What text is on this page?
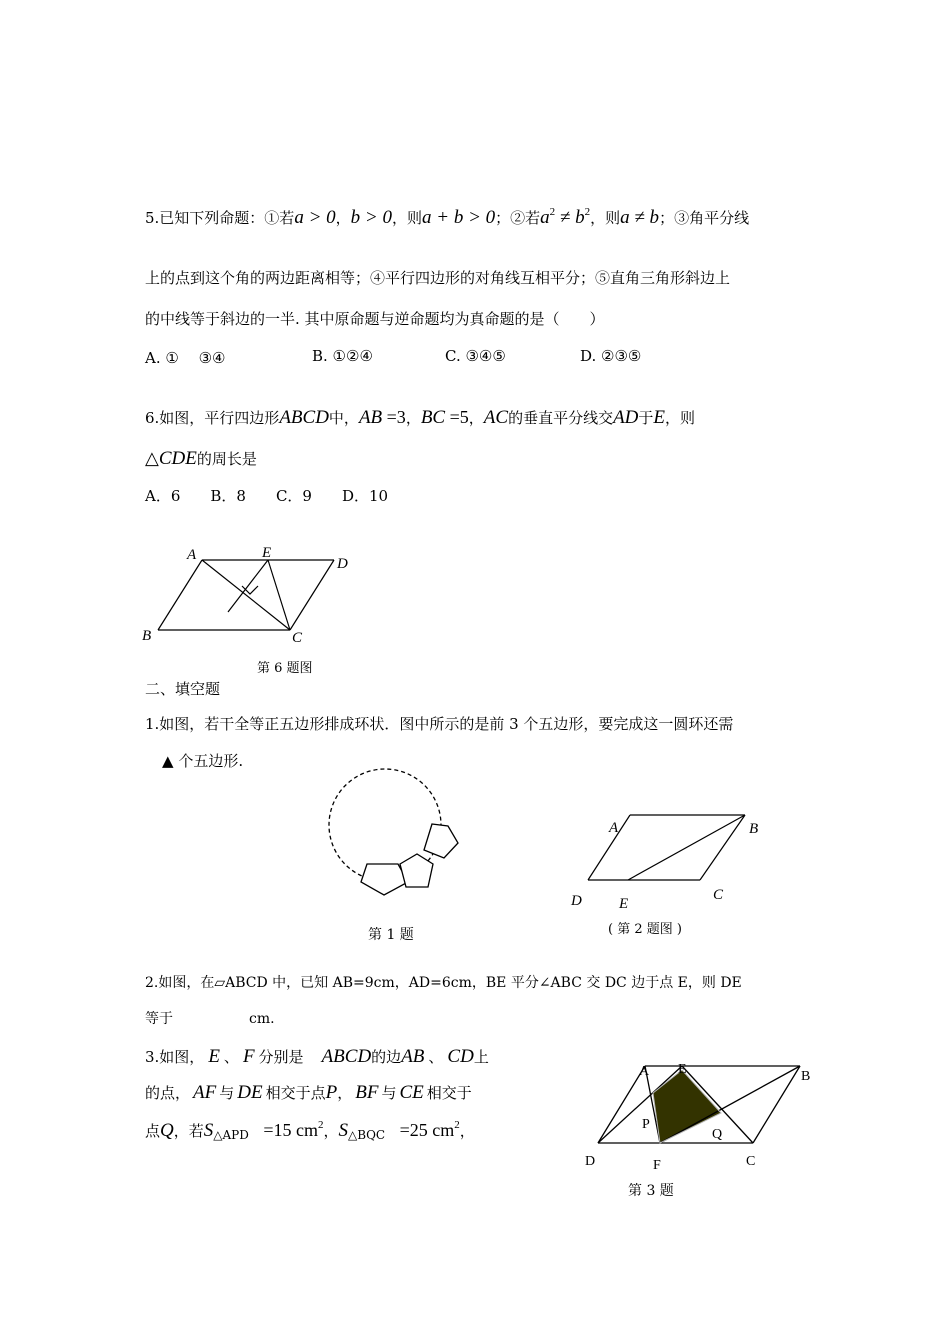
5.已知下列命题：①若a > 0，b > 0，则a + b > 0；②若$a^2 \ne b^2$，则a ≠ b；③角平分线
上的点到这个角的两边距离相等；④平行四边形的对角线互相平分；⑤直角三角形斜边上
的中线等于斜边的一半. 其中原命题与逆命题均为真命题的是（　　）
A. ①　 ③④	B. ①②④	C. ③④⑤	D. ②③⑤
6.如图，平行四边形ABCD中，AB =3，BC =5，AC的垂直平分线交AD于E，则
△CDE的周长是
A．6　　B．8　　C．9　　D．10
A	E
D
B	C
第 6 题图
二、填空题
1.如图，若干全等正五边形排成环状．图中所示的是前 3 个五边形，要完成这一圆环还需
▲ 个五边形.
第 1 题
A	B
D E
C
( 第 2 题图 )
2.如图，在▱ABCD 中，已知 AB=9cm，AD=6cm，BE 平分∠ABC 交 DC 边于点 E，则 DE
等于	cm.
3.如图， E 、 F 分别是 ABCD的边AB 、 CD上
的点， AF 与 DE 相交于点P， BF 与 CE 相交于
点Q，若$S_{\triangle APD} =15$ $cm^2$，$S_{\triangle BQC} =25$ $cm^2$，
A E	B
P
Q
D	F	C
第 3 题
